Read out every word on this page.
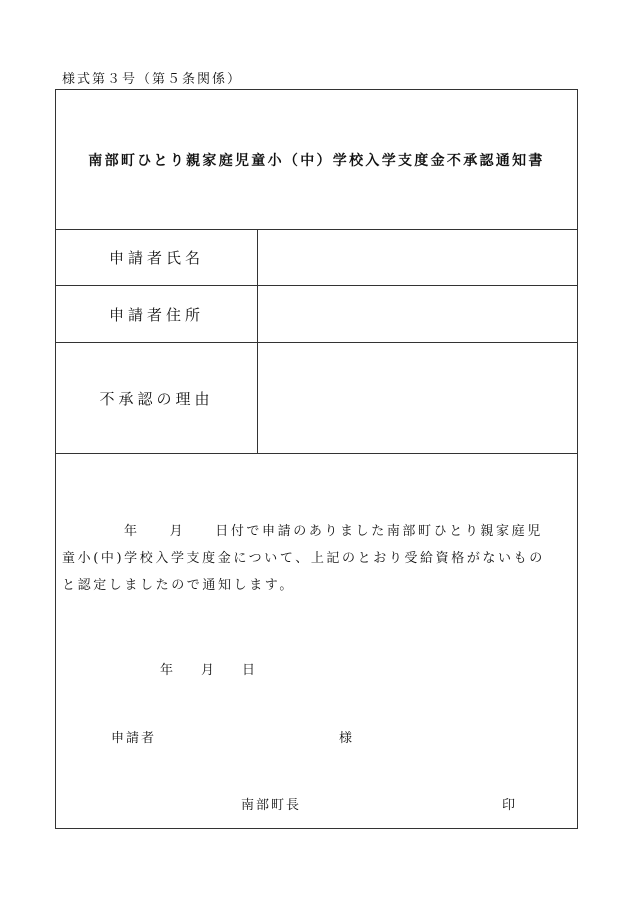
様式第３号（第５条関係）
南部町ひとり親家庭児童小（中）学校入学支度金不承認通知書
申請者氏名
申請者住所
不承認の理由
年 月 日付で申請のありました南部町ひとり親家庭児
童小(中)学校入学支度金について、上記のとおり受給資格がないもの
と認定しましたので通知します。
年 月 日
申請者	様
南部町長	印
